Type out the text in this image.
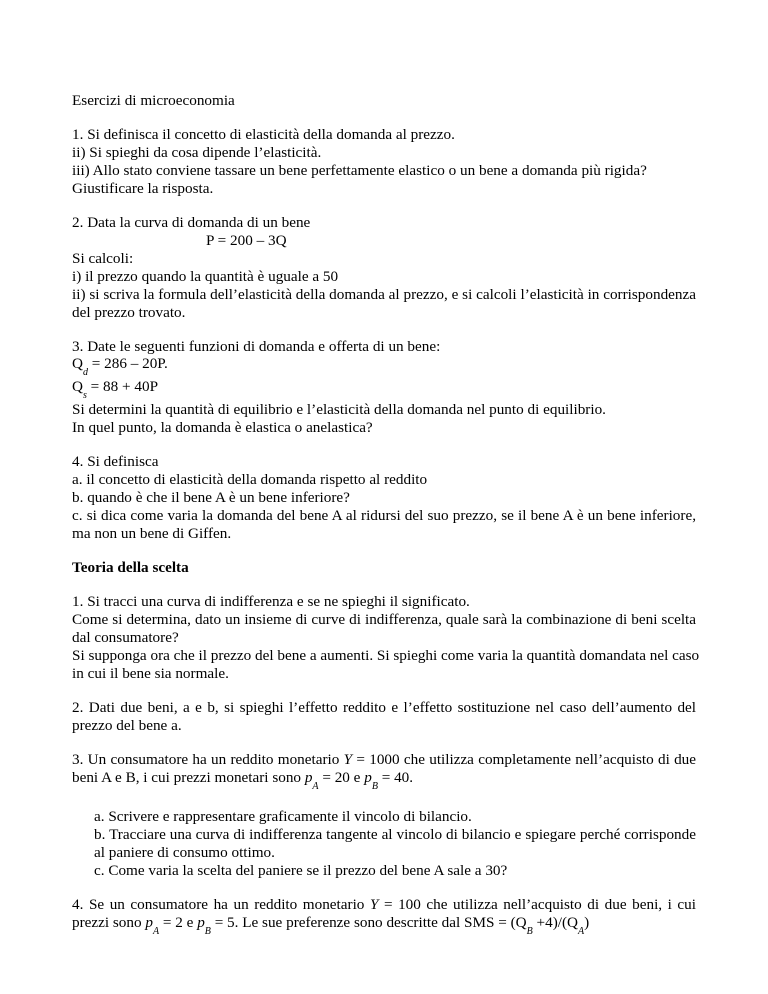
Esercizi di microeconomia
1. Si definisca il concetto di elasticità della domanda al prezzo.
ii) Si spieghi da cosa dipende l’elasticità.
iii) Allo stato conviene tassare un bene perfettamente elastico o un bene a domanda più rigida?
Giustificare la risposta.
2. Data la curva di domanda di un bene
P = 200 – 3Q
Si calcoli:
i) il prezzo quando la quantità è uguale a 50
ii) si scriva la formula dell’elasticità della domanda al prezzo, e si calcoli l’elasticità in corrispondenza
del prezzo trovato.
3. Date le seguenti funzioni di domanda e offerta di un bene:
$Q_d = 286 - 20P$.
$Q_s = 88 + 40P$
Si determini la quantità di equilibrio e l’elasticità della domanda nel punto di equilibrio.
In quel punto, la domanda è elastica o anelastica?
4. Si definisca
a. il concetto di elasticità della domanda rispetto al reddito
b. quando è che il bene A è un bene inferiore?
c. si dica come varia la domanda del bene A al ridursi del suo prezzo, se il bene A è un bene inferiore,
ma non un bene di Giffen.
Teoria della scelta
1. Si tracci una curva di indifferenza e se ne spieghi il significato.
Come si determina, dato un insieme di curve di indifferenza, quale sarà la combinazione di beni scelta
dal consumatore?
Si supponga ora che il prezzo del bene a aumenti. Si spieghi come varia la quantità domandata nel caso
in cui il bene sia normale.
2. Dati due beni, a e b, si spieghi l’effetto reddito e l’effetto sostituzione nel caso dell’aumento del
prezzo del bene a.
3. Un consumatore ha un reddito monetario Y = 1000 che utilizza completamente nell’acquisto di due
beni A e B, i cui prezzi monetari sono $p_A = 20$ e $p_B = 40$.
a. Scrivere e rappresentare graficamente il vincolo di bilancio.
b. Tracciare una curva di indifferenza tangente al vincolo di bilancio e spiegare perché corrisponde
al paniere di consumo ottimo.
c. Come varia la scelta del paniere se il prezzo del bene A sale a 30?
4. Se un consumatore ha un reddito monetario Y = 100 che utilizza nell’acquisto di due beni, i cui
prezzi sono $p_A = 2$ e $p_B = 5$. Le sue preferenze sono descritte dal SMS = $(Q_B +4)/(Q_A)$
